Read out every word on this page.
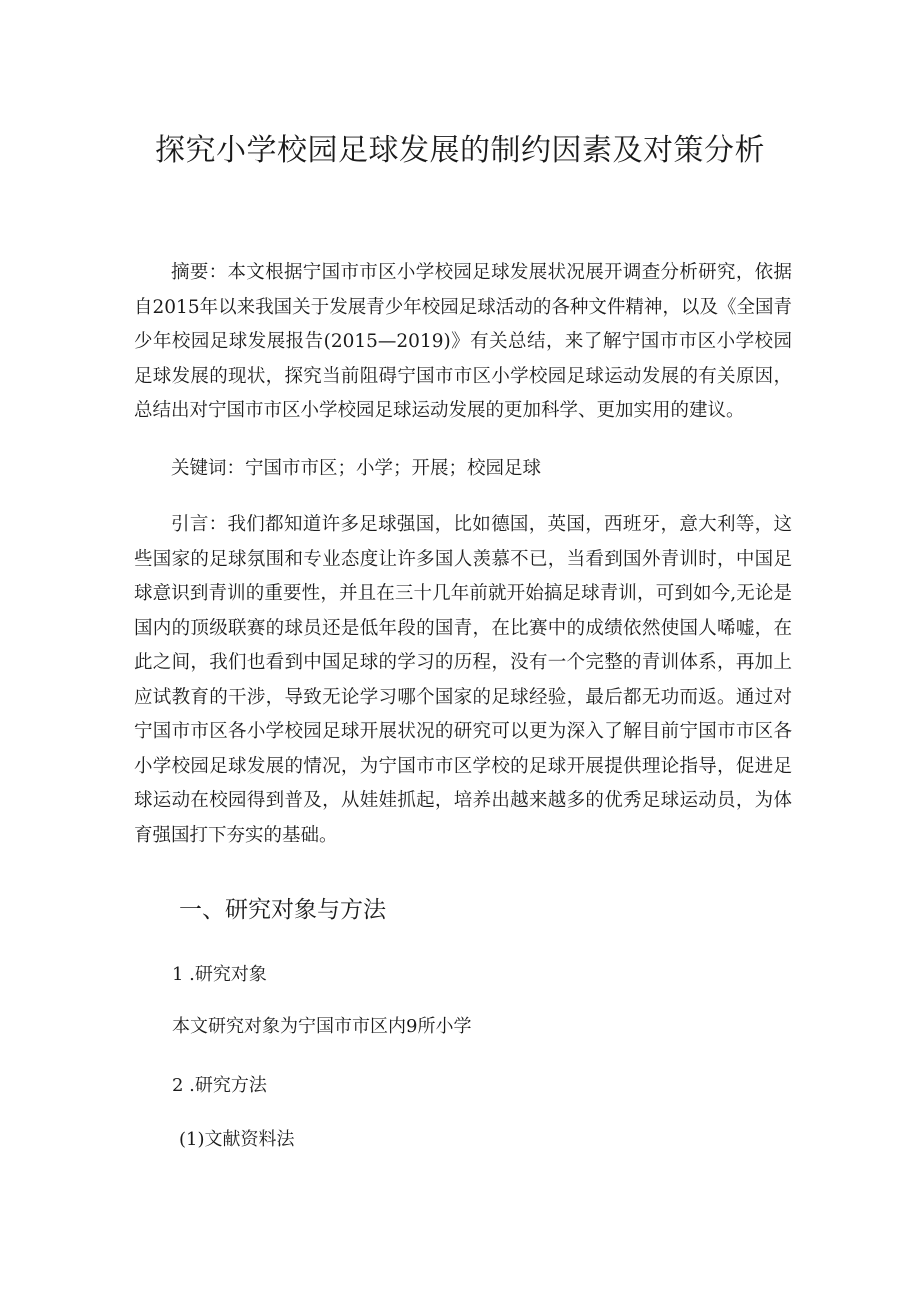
探究小学校园足球发展的制约因素及对策分析

摘要：本文根据宁国市市区小学校园足球发展状况展开调查分析研究，依据自2015年以来我国关于发展青少年校园足球活动的各种文件精神，以及《全国青少年校园足球发展报告(2015—2019)》有关总结，来了解宁国市市区小学校园足球发展的现状，探究当前阻碍宁国市市区小学校园足球运动发展的有关原因，总结出对宁国市市区小学校园足球运动发展的更加科学、更加实用的建议。

关键词：宁国市市区；小学；开展；校园足球

引言：我们都知道许多足球强国，比如德国，英国，西班牙，意大利等，这些国家的足球氛围和专业态度让许多国人羡慕不已，当看到国外青训时，中国足球意识到青训的重要性，并且在三十几年前就开始搞足球青训，可到如今,无论是国内的顶级联赛的球员还是低年段的国青，在比赛中的成绩依然使国人唏嘘，在此之间，我们也看到中国足球的学习的历程，没有一个完整的青训体系，再加上应试教育的干涉，导致无论学习哪个国家的足球经验，最后都无功而返。通过对宁国市市区各小学校园足球开展状况的研究可以更为深入了解目前宁国市市区各小学校园足球发展的情况，为宁国市市区学校的足球开展提供理论指导，促进足球运动在校园得到普及，从娃娃抓起，培养出越来越多的优秀足球运动员，为体育强国打下夯实的基础。

一、研究对象与方法

1 .研究对象

本文研究对象为宁国市市区内9所小学

2 .研究方法

(1)文献资料法
